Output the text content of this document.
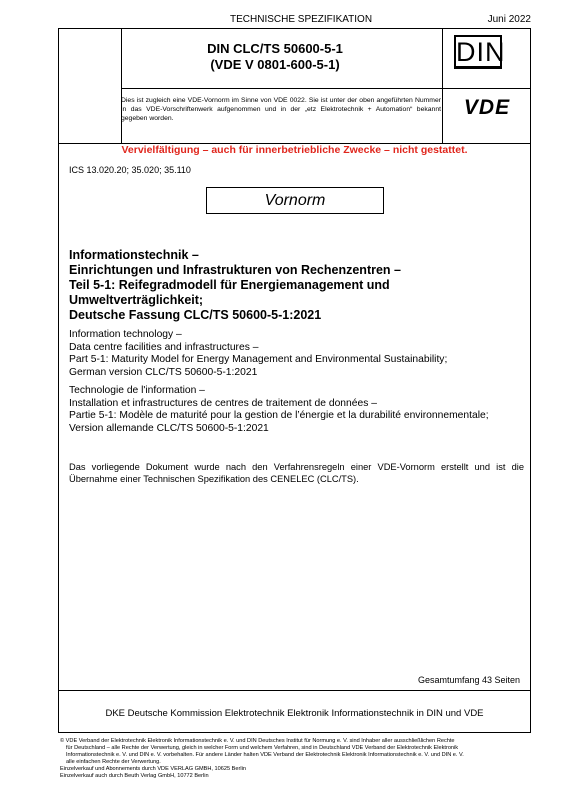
TECHNISCHE SPEZIFIKATION	Juni 2022
DIN CLC/TS 50600-5-1
(VDE V 0801-600-5-1)	DIN
Dies ist zugleich eine VDE-Vornorm im Sinne von VDE 0022. Sie ist unter der oben angeführten Nummer in das VDE-Vorschriftenwerk aufgenommen und in der „etz Elektrotechnik + Automation“ bekannt gegeben worden.	VDE
Vervielfältigung – auch für innerbetriebliche Zwecke – nicht gestattet.
ICS 13.020.20; 35.020; 35.110
Vornorm
Informationstechnik –
Einrichtungen und Infrastrukturen von Rechenzentren –
Teil 5-1: Reifegradmodell für Energiemanagement und
Umweltverträglichkeit;
Deutsche Fassung CLC/TS 50600-5-1:2021
Information technology –
Data centre facilities and infrastructures –
Part 5-1: Maturity Model for Energy Management and Environmental Sustainability;
German version CLC/TS 50600-5-1:2021
Technologie de l'information –
Installation et infrastructures de centres de traitement de données –
Partie 5-1: Modèle de maturité pour la gestion de l’énergie et la durabilité environnementale;
Version allemande CLC/TS 50600-5-1:2021
Das vorliegende Dokument wurde nach den Verfahrensregeln einer VDE-Vornorm erstellt und ist die Übernahme einer Technischen Spezifikation des CENELEC (CLC/TS).
Gesamtumfang 43 Seiten
DKE Deutsche Kommission Elektrotechnik Elektronik Informationstechnik in DIN und VDE
© VDE Verband der Elektrotechnik Elektronik Informationstechnik e. V. und DIN Deutsches Institut für Normung e. V. sind Inhaber aller ausschließlichen Rechte
für Deutschland – alle Rechte der Verwertung, gleich in welcher Form und welchem Verfahren, sind in Deutschland VDE Verband der Elektrotechnik Elektronik
Informationstechnik e. V. und DIN e. V. vorbehalten. Für andere Länder halten VDE Verband der Elektrotechnik Elektronik Informationstechnik e. V. und DIN e. V.
alle einfachen Rechte der Verwertung.
Einzelverkauf und Abonnements durch VDE VERLAG GMBH, 10625 Berlin
Einzelverkauf auch durch Beuth Verlag GmbH, 10772 Berlin
